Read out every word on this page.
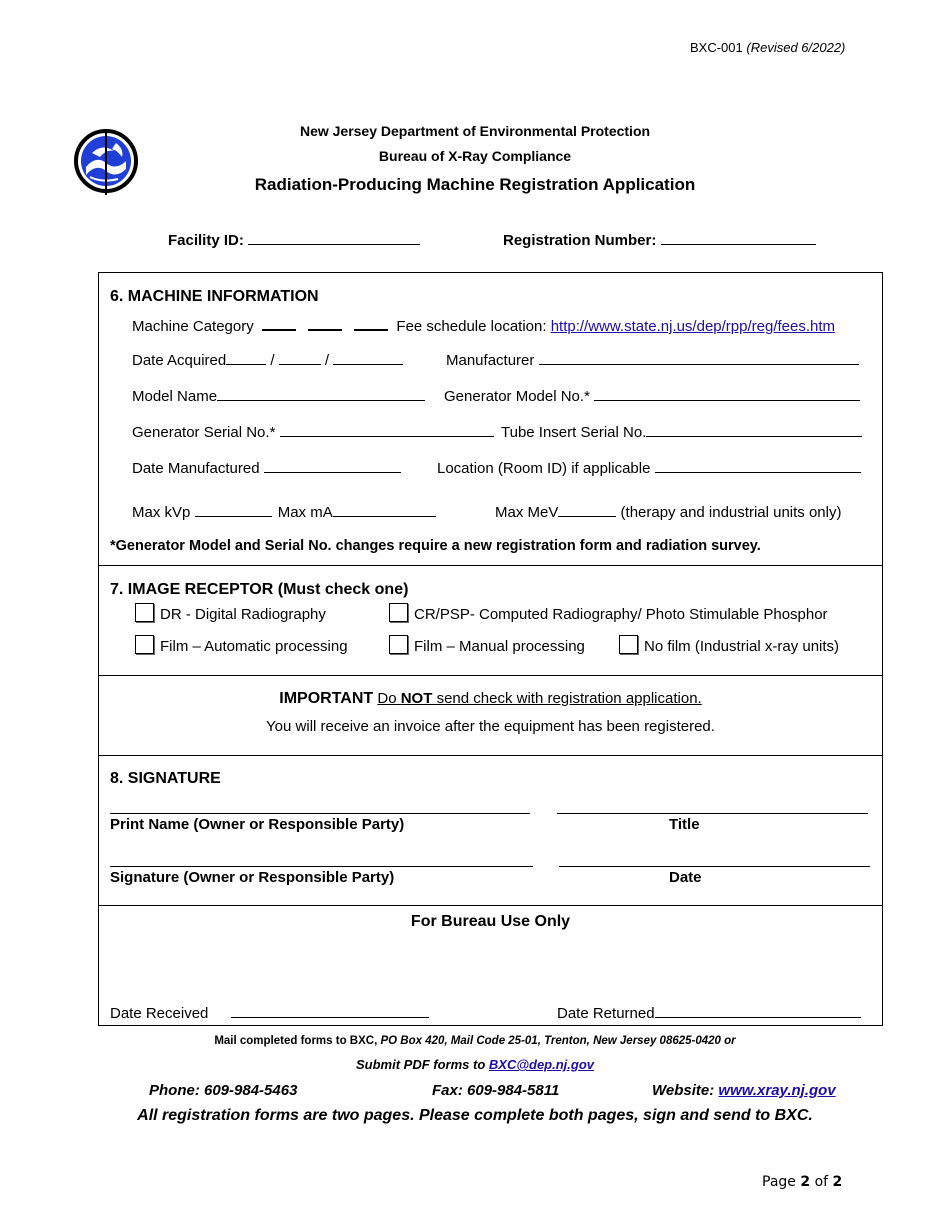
BXC-001 (Revised 6/2022)
New Jersey Department of Environmental Protection
Bureau of X-Ray Compliance
Radiation-Producing Machine Registration Application
Facility ID:	Registration Number:
6. MACHINE INFORMATION
Machine Category	Fee schedule location: http://www.state.nj.us/dep/rpp/reg/fees.htm
Date Acquired	/	/	Manufacturer
Model Name	Generator Model No.*
Generator Serial No.*	Tube Insert Serial No.
Date Manufactured	Location (Room ID) if applicable
Max kVp	Max mA	Max MeV	(therapy and industrial units only)
*Generator Model and Serial No. changes require a new registration form and radiation survey.
7. IMAGE RECEPTOR (Must check one)
DR - Digital Radiography	CR/PSP- Computed Radiography/ Photo Stimulable Phosphor
Film – Automatic processing	Film – Manual processing	No film (Industrial x-ray units)
IMPORTANT Do NOT send check with registration application.
You will receive an invoice after the equipment has been registered.
8. SIGNATURE
Print Name (Owner or Responsible Party)	Title
Signature (Owner or Responsible Party)	Date
For Bureau Use Only
Date Received	Date Returned
Mail completed forms to BXC, PO Box 420, Mail Code 25-01, Trenton, New Jersey 08625-0420 or
Submit PDF forms to BXC@dep.nj.gov
Phone: 609-984-5463	Fax: 609-984-5811	Website: www.xray.nj.gov
All registration forms are two pages. Please complete both pages, sign and send to BXC.
Page 2 of 2
